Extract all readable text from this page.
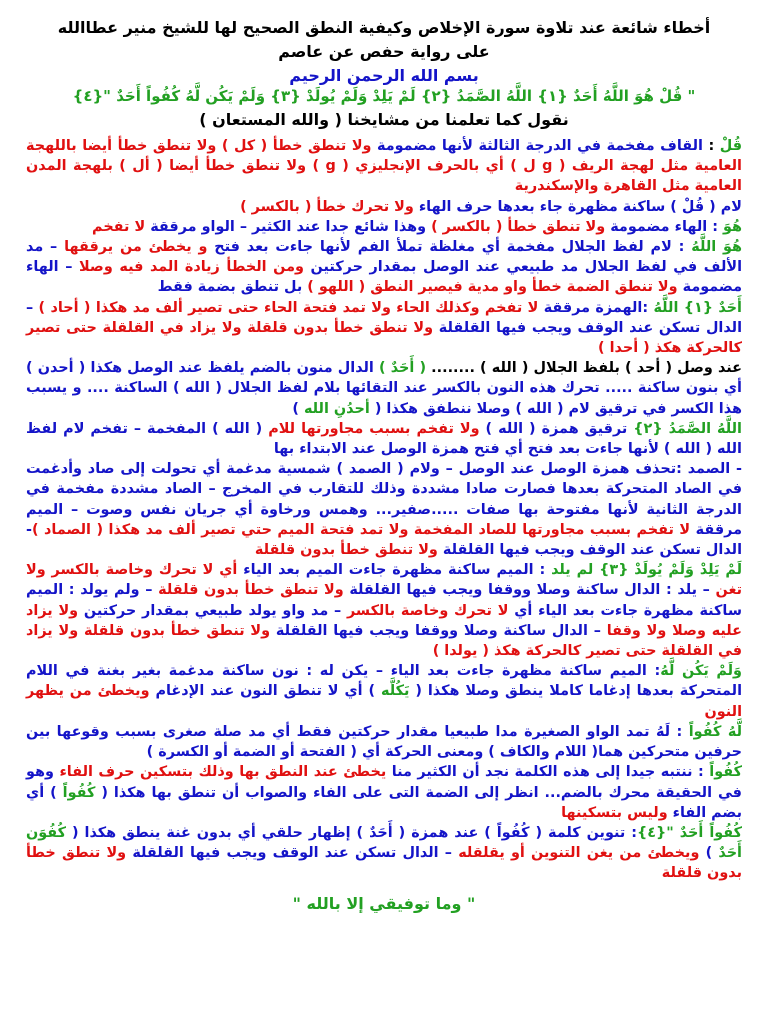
أخطاء شائعة عند تلاوة سورة الإخلاص وكيفية النطق الصحيح لها للشيخ منير عطاالله
على رواية حفص عن عاصم
بسم الله الرحمن الرحيم
" قُلْ هُوَ اللَّهُ أَحَدٌ {١} اللَّهُ الصَّمَدُ {٢} لَمْ يَلِدْ وَلَمْ يُولَدْ {٣} وَلَمْ يَكُن لَّهُ كُفُواً أَحَدٌ "{٤}
نقول كما تعلمنا من مشايخنا ( والله المستعان )

قُلْ : القاف مفخمة في الدرجة الثالثة لأنها مضمومة ولا تنطق خطأ ( كل ) ولا تنطق خطأ أيضا باللهجة العامية مثل لهجة الريف ( g ل ) أي بالحرف الإنجليزي ( g ) ولا تنطق خطأ أيضا ( أل ) بلهجة المدن العامية مثل القاهرة والإسكندرية

لام ( قُلْ ) ساكنة مظهرة جاء بعدها حرف الهاء ولا تحرك خطأ ( بالكسر )

هُوَ : الهاء مضمومة ولا تنطق خطأ ( بالكسر ) وهذا شائع جدا عند الكثير – الواو مرققة لا تفخم

هُوَ اللَّهُ : لام لفظ الجلال مفخمة أي مغلظة تملأ الفم لأنها جاءت بعد فتح و يخطئ من يرققها – مد الألف في لفظ الجلال مد طبيعي عند الوصل بمقدار حركتين ومن الخطأ زيادة المد فيه وصلا – الهاء مضمومة ولا تنطق الضمة خطأ واو مدية فيصير النطق ( اللهو ) بل تنطق بضمة فقط

أَحَدٌ {١} اللَّهُ :الهمزة مرققة لا تفخم وكذلك الحاء ولا تمد فتحة الحاء حتى تصير ألف مد هكذا ( أحاد ) – الدال تسكن عند الوقف ويجب فيها القلقلة ولا تنطق خطأ بدون قلقلة ولا يزاد في القلقلة حتى تصير كالحركة هكذ ( أحدا )

عند وصل ( أحد ) بلفظ الجلال ( الله ) ........ ( أَحَدٌ ) الدال منون بالضم يلفظ عند الوصل هكذا ( أحدن ) أي بنون ساكنة ..... تحرك هذه النون بالكسر عند التقائها بلام لفظ الجلال ( الله ) الساكنة .... و يسبب هذا الكسر في ترقيق لام ( الله ) وصلا ننطفق هكذا ( أحدُنِ الله )

اللَّهُ الصَّمَدُ {٢} ترقيق همزة ( الله ) ولا تفخم بسبب مجاورتها للام ( الله ) المفخمة – تفخم لام لفظ الله ( الله ) لأنها جاءت بعد فتح أي فتح همزة الوصل عند الابتداء بها

- الصمد :تحذف همزة الوصل عند الوصل – ولام ( الصمد ) شمسية مدغمة أي تحولت إلى صاد وأدغمت في الصاد المتحركة بعدها فصارت صادا مشددة وذلك للتقارب في المخرج – الصاد مشددة مفخمة في الدرجة الثانية لأنها مفتوحة بها صفات .....صفير... وهمس ورخاوة أي جريان نفس وصوت – الميم مرققة لا تفخم بسبب مجاورتها للصاد المفخمة ولا تمد فتحة الميم حتي تصير ألف مد هكذا ( الصماد )- الدال تسكن عند الوقف ويجب فيها القلقلة ولا تنطق خطأ بدون قلقلة

لَمْ يَلِدْ وَلَمْ يُولَدْ {٣} لم يلد : الميم ساكنة مظهرة جاءت الميم بعد الياء أي لا تحرك وخاصة بالكسر ولا تغن – يلد : الدال ساكنة وصلا ووقفا ويجب فيها القلقلة ولا تنطق خطأ بدون قلقلة – ولم يولد : الميم ساكنة مظهرة جاءت بعد الياء أي لا تحرك وخاصة بالكسر – مد واو يولد طبيعي بمقدار حركتين ولا يزاد عليه وصلا ولا وقفا – الدال ساكنة وصلا ووقفا ويجب فيها القلقلة ولا تنطق خطأ بدون قلقلة ولا يزاد في القلقلة حتى تصير كالحركة هكذ ( يولدا )

وَلَمْ يَكُن لَّهُ: الميم ساكنة مظهرة جاءت بعد الياء – يكن له : نون ساكنة مدغمة بغير بغنة في اللام المتحركة بعدها إدغاما كاملا ينطق وصلا هكذا ( يَكُلَّه ) أي لا تنطق النون عند الإدغام ويخطئ من يظهر النون

لَّهُ كُفُواً : لَهُ تمد الواو الصغيرة مدا طبيعيا مقدار حركتين فقط أي مد صلة صغرى بسبب وقوعها بين حرفين متحركين هما( اللام والكاف ) ومعنى الحركة أي ( الفتحة أو الضمة أو الكسرة )

كُفُواً : ننتبه جيدا إلى هذه الكلمة نجد أن الكثير منا يخطئ عند النطق بها وذلك بتسكين حرف الفاء وهو في الحقيقة محرك بالضم... انظر إلى الضمة التى على الفاء والصواب أن تنطق بها هكذا ( كُفُواً ) أي بضم الفاء وليس بتسكينها

كُفُواً أَحَدٌ "{٤}: تنوين كلمة ( كُفُواً ) عند همزة ( أَحَدٌ ) إظهار حلقي أي بدون غنة ينطق هكذا ( كُفُوَن أَحَدٌ ) ويخطئ من يغن التنوين أو يقلقله – الدال تسكن عند الوقف ويجب فيها القلقلة ولا تنطق خطأ بدون قلقلة

" وما توفيقي إلا بالله "
